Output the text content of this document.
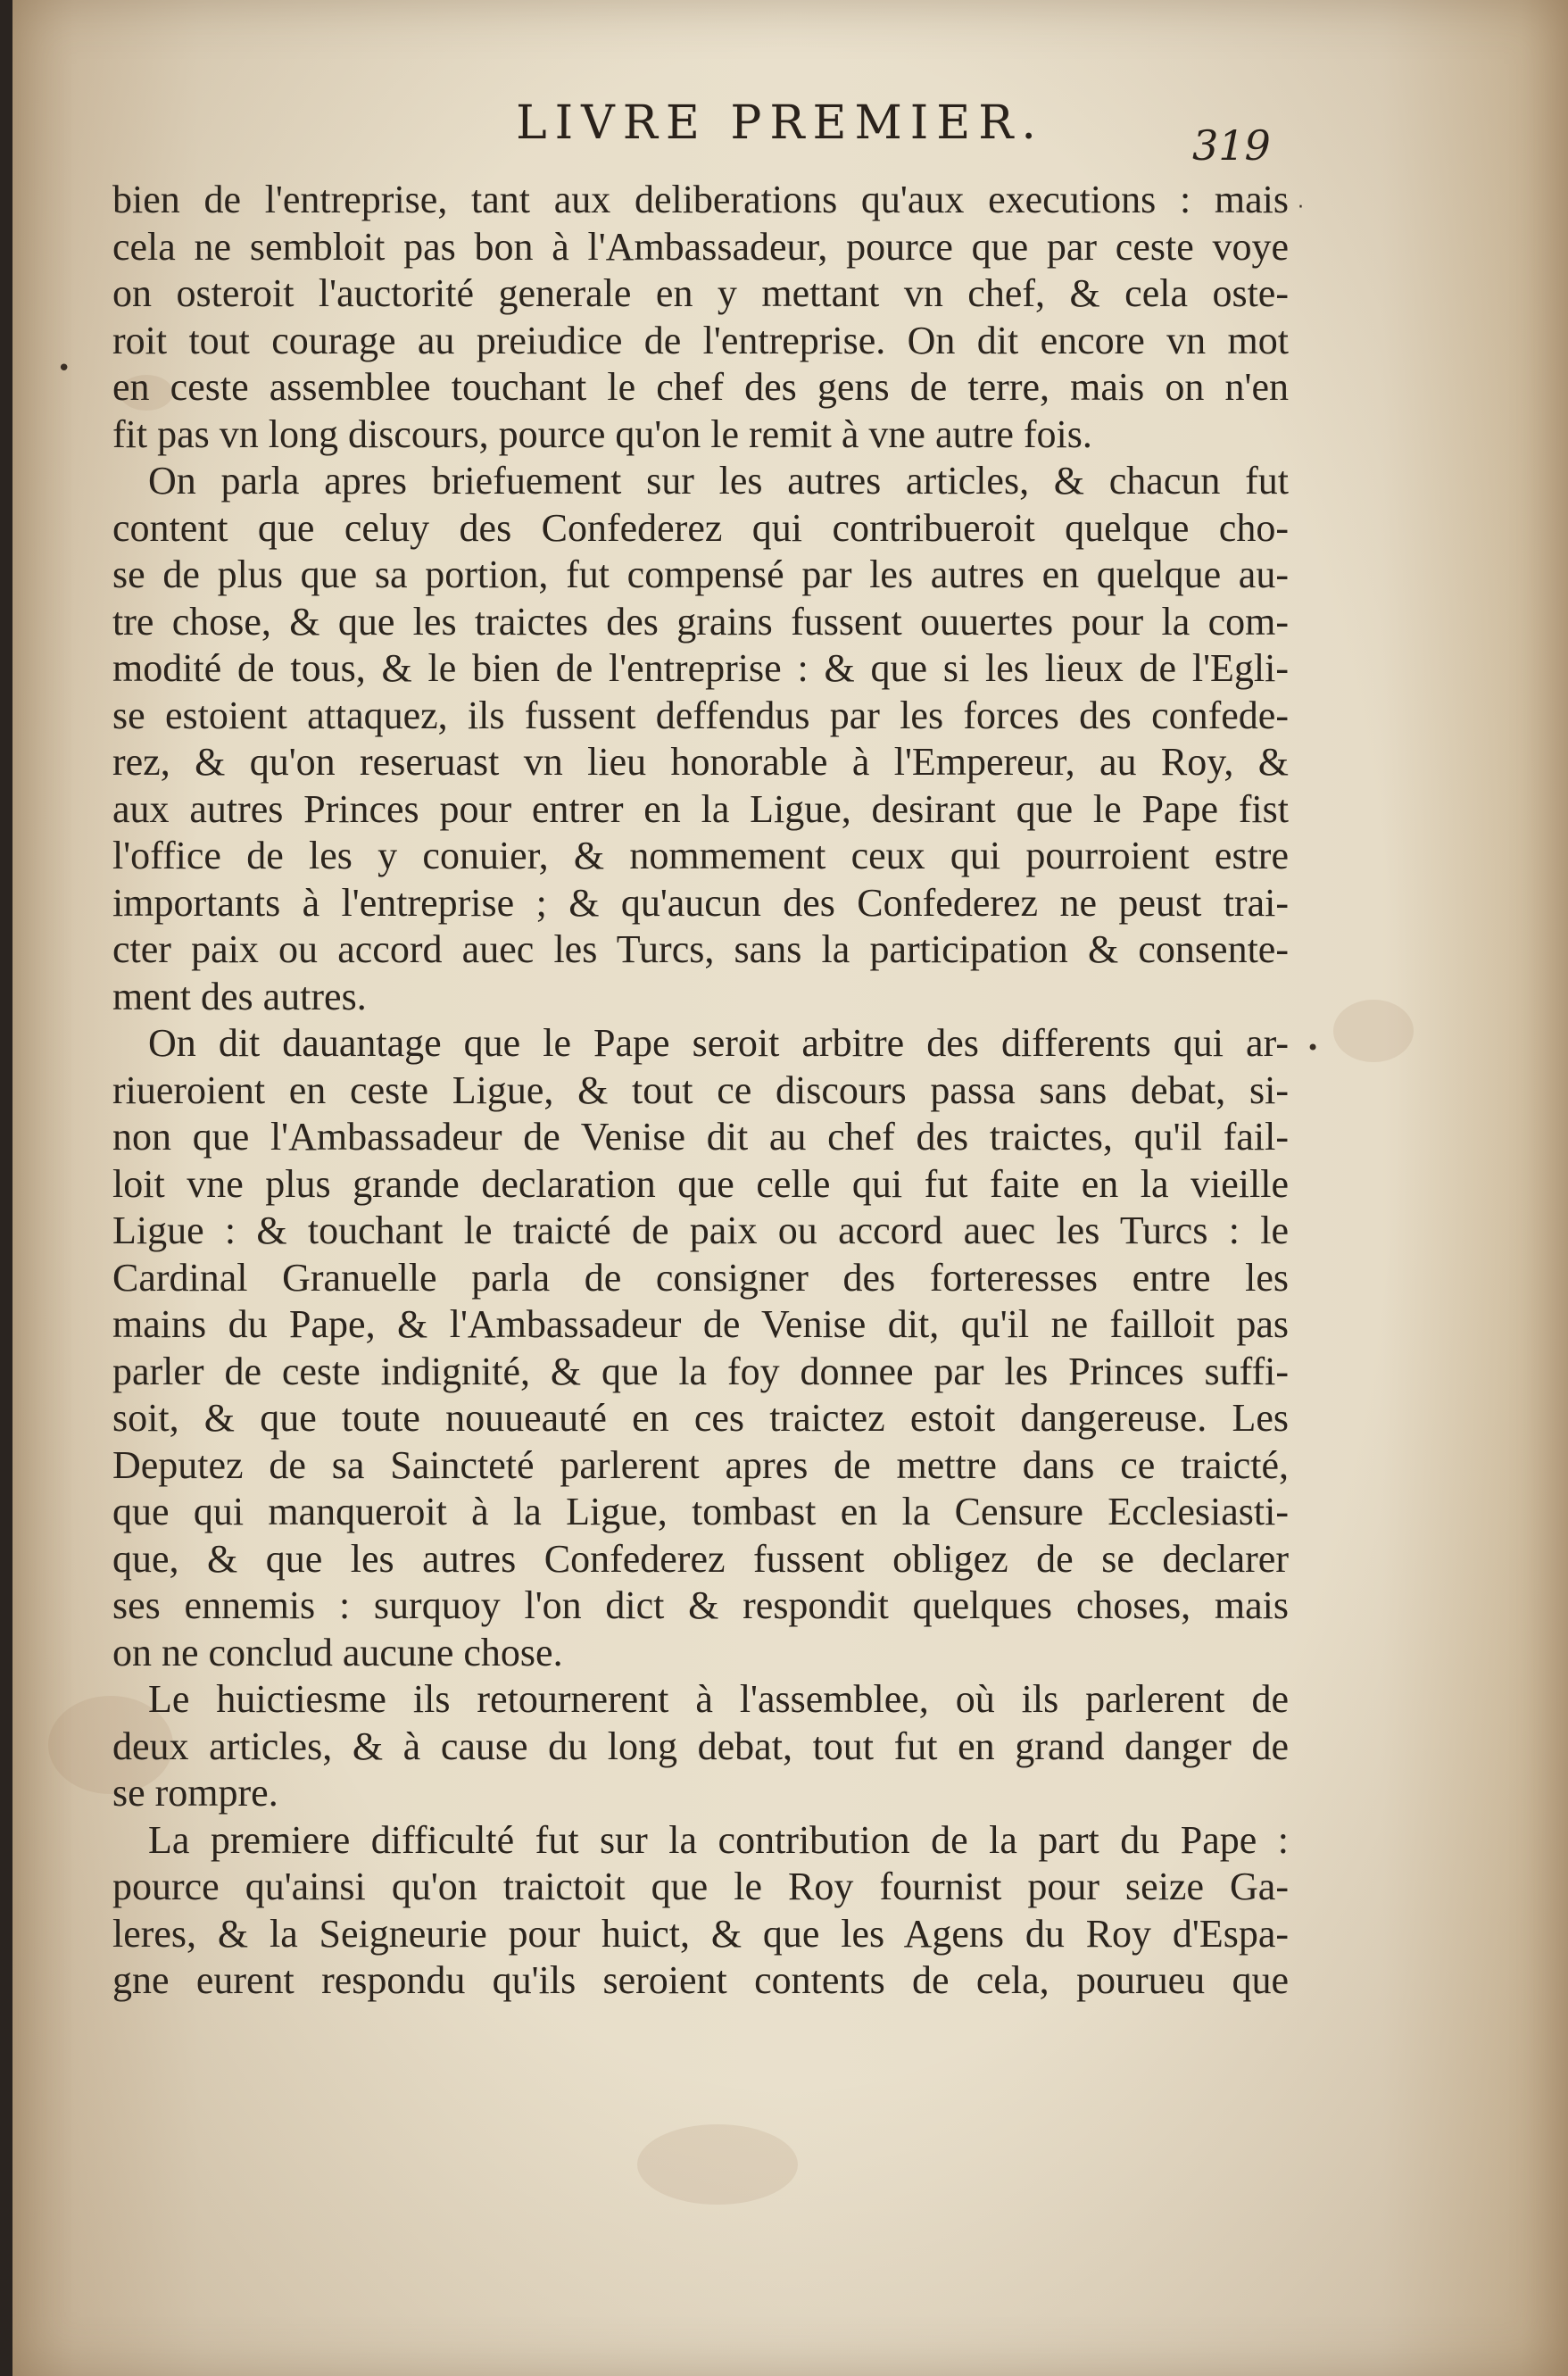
LIVRE PREMIER.	319
bien de l'entreprise, tant aux deliberations qu'aux executions : mais
cela ne sembloit pas bon à l'Ambassadeur, pource que par ceste voye
on osteroit l'auctorité generale en y mettant vn chef, & cela oste-
roit tout courage au preiudice de l'entreprise. On dit encore vn mot
en ceste assemblee touchant le chef des gens de terre, mais on n'en
fit pas vn long discours, pource qu'on le remit à vne autre fois.
On parla apres briefuement sur les autres articles, & chacun fut
content que celuy des Confederez qui contribueroit quelque cho-
se de plus que sa portion, fut compensé par les autres en quelque au-
tre chose, & que les traictes des grains fussent ouuertes pour la com-
modité de tous, & le bien de l'entreprise : & que si les lieux de l'Egli-
se estoient attaquez, ils fussent deffendus par les forces des confede-
rez, & qu'on reseruast vn lieu honorable à l'Empereur, au Roy, &
aux autres Princes pour entrer en la Ligue, desirant que le Pape fist
l'office de les y conuier, & nommement ceux qui pourroient estre
importants à l'entreprise ; & qu'aucun des Confederez ne peust trai-
cter paix ou accord auec les Turcs, sans la participation & consente-
ment des autres.
On dit dauantage que le Pape seroit arbitre des differents qui ar-
riueroient en ceste Ligue, & tout ce discours passa sans debat, si-
non que l'Ambassadeur de Venise dit au chef des traictes, qu'il fail-
loit vne plus grande declaration que celle qui fut faite en la vieille
Ligue : & touchant le traicté de paix ou accord auec les Turcs : le
Cardinal Granuelle parla de consigner des forteresses entre les
mains du Pape, & l'Ambassadeur de Venise dit, qu'il ne failloit pas
parler de ceste indignité, & que la foy donnee par les Princes suffi-
soit, & que toute nouueauté en ces traictez estoit dangereuse. Les
Deputez de sa Saincteté parlerent apres de mettre dans ce traicté,
que qui manqueroit à la Ligue, tombast en la Censure Ecclesiasti-
que, & que les autres Confederez fussent obligez de se declarer
ses ennemis : surquoy l'on dict & respondit quelques choses, mais
on ne conclud aucune chose.
Le huictiesme ils retournerent à l'assemblee, où ils parlerent de
deux articles, & à cause du long debat, tout fut en grand danger de
se rompre.
La premiere difficulté fut sur la contribution de la part du Pape :
pource qu'ainsi qu'on traictoit que le Roy fournist pour seize Ga-
leres, & la Seigneurie pour huict, & que les Agens du Roy d'Espa-
gne eurent respondu qu'ils seroient contents de cela, pourueu que
•
•
·
